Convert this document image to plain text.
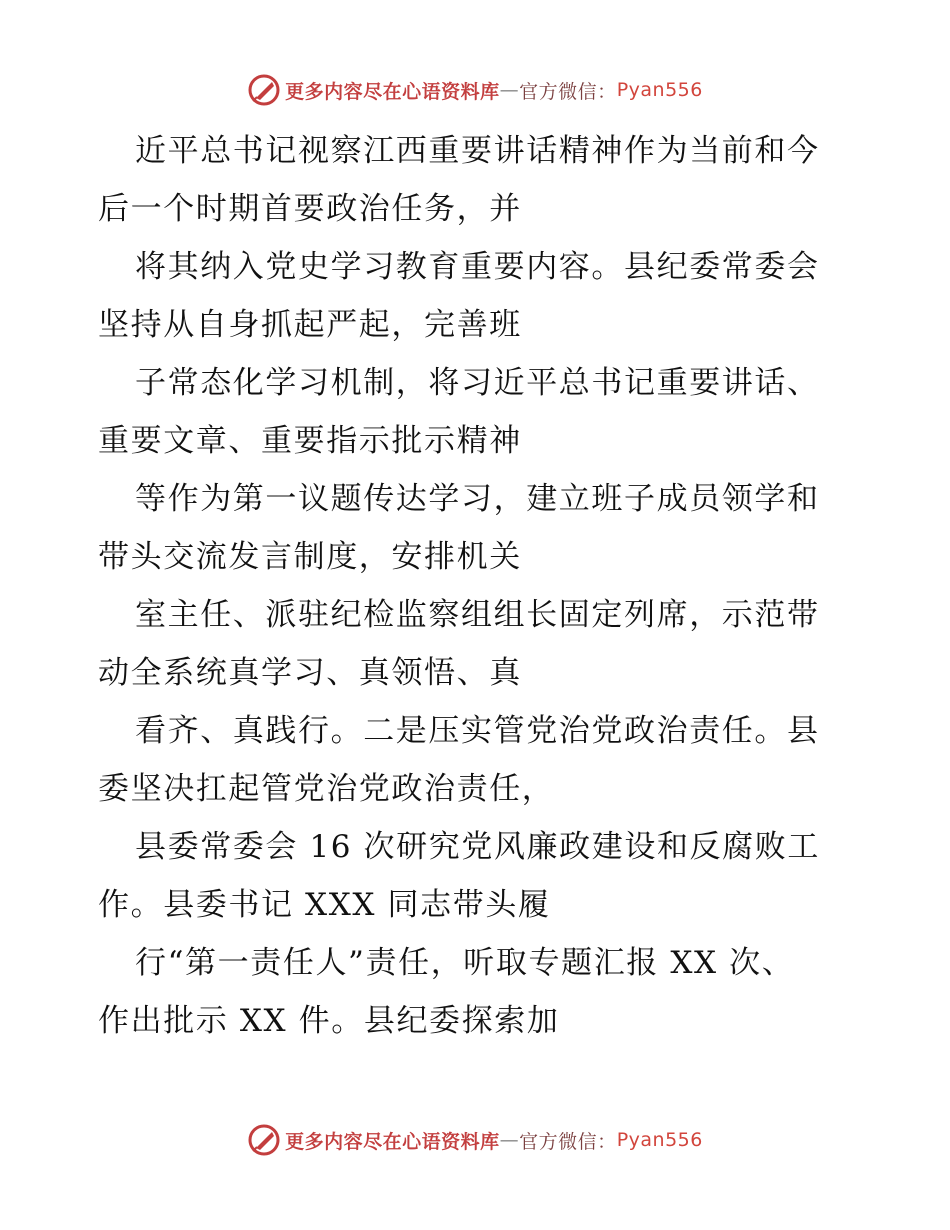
更多内容尽在心语资料库 — 官方微信： Pyan556
近平总书记视察江西重要讲话精神作为当前和今
后一个时期首要政治任务，并
将其纳入党史学习教育重要内容。县纪委常委会
坚持从自身抓起严起，完善班
子常态化学习机制，将习近平总书记重要讲话、
重要文章、重要指示批示精神
等作为第一议题传达学习，建立班子成员领学和
带头交流发言制度，安排机关
室主任、派驻纪检监察组组长固定列席，示范带
动全系统真学习、真领悟、真
看齐、真践行。二是压实管党治党政治责任。县
委坚决扛起管党治党政治责任，
县委常委会 16 次研究党风廉政建设和反腐败工
作。县委书记 XXX 同志带头履
行“第一责任人”责任，听取专题汇报 XX 次、
作出批示 XX 件。县纪委探索加
更多内容尽在心语资料库 — 官方微信： Pyan556
